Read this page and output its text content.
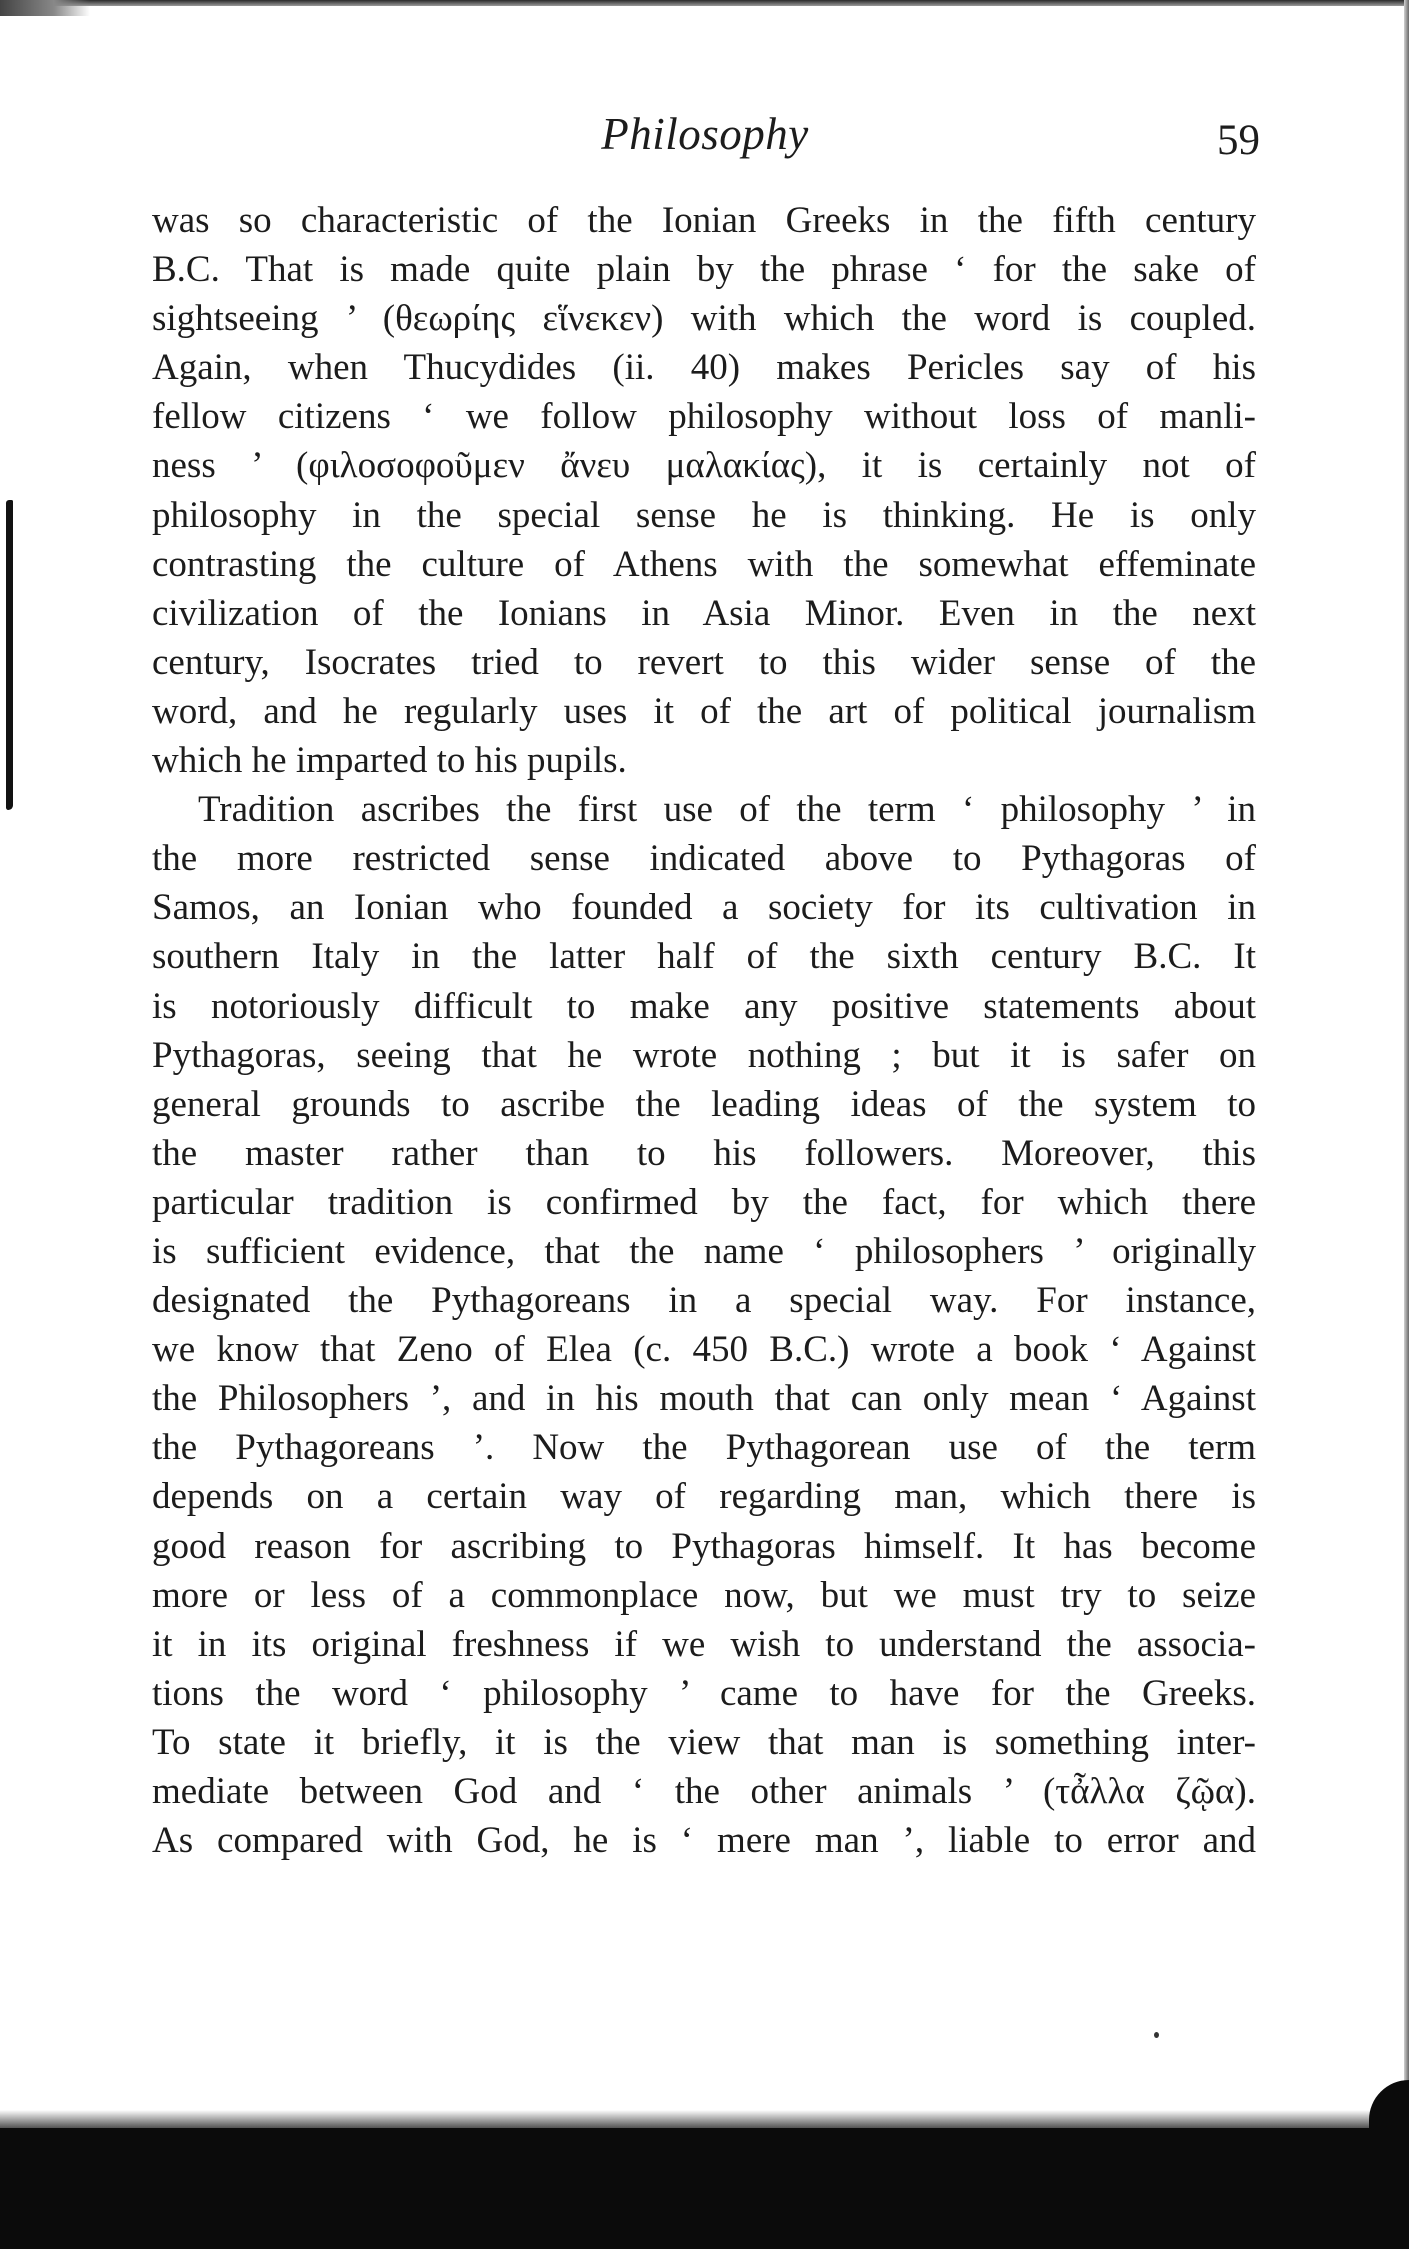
Philosophy	59
was so characteristic of the Ionian Greeks in the fifth century
B.C. That is made quite plain by the phrase ‘ for the sake of
sightseeing ’ (θεωρίης εἵνεκεν) with which the word is coupled.
Again, when Thucydides (ii. 40) makes Pericles say of his
fellow citizens ‘ we follow philosophy without loss of manli-
ness ’ (φιλοσοφοῦμεν ἄνευ μαλακίας), it is certainly not of
philosophy in the special sense he is thinking. He is only
contrasting the culture of Athens with the somewhat effeminate
civilization of the Ionians in Asia Minor. Even in the next
century, Isocrates tried to revert to this wider sense of the
word, and he regularly uses it of the art of political journalism
which he imparted to his pupils.
Tradition ascribes the first use of the term ‘ philosophy ’ in
the more restricted sense indicated above to Pythagoras of
Samos, an Ionian who founded a society for its cultivation in
southern Italy in the latter half of the sixth century B.C. It
is notoriously difficult to make any positive statements about
Pythagoras, seeing that he wrote nothing ; but it is safer on
general grounds to ascribe the leading ideas of the system to
the master rather than to his followers. Moreover, this
particular tradition is confirmed by the fact, for which there
is sufficient evidence, that the name ‘ philosophers ’ originally
designated the Pythagoreans in a special way. For instance,
we know that Zeno of Elea (c. 450 B.C.) wrote a book ‘ Against
the Philosophers ’, and in his mouth that can only mean ‘ Against
the Pythagoreans ’. Now the Pythagorean use of the term
depends on a certain way of regarding man, which there is
good reason for ascribing to Pythagoras himself. It has become
more or less of a commonplace now, but we must try to seize
it in its original freshness if we wish to understand the associa-
tions the word ‘ philosophy ’ came to have for the Greeks.
To state it briefly, it is the view that man is something inter-
mediate between God and ‘ the other animals ’ (τἆλλα ζῷα).
As compared with God, he is ‘ mere man ’, liable to error and
